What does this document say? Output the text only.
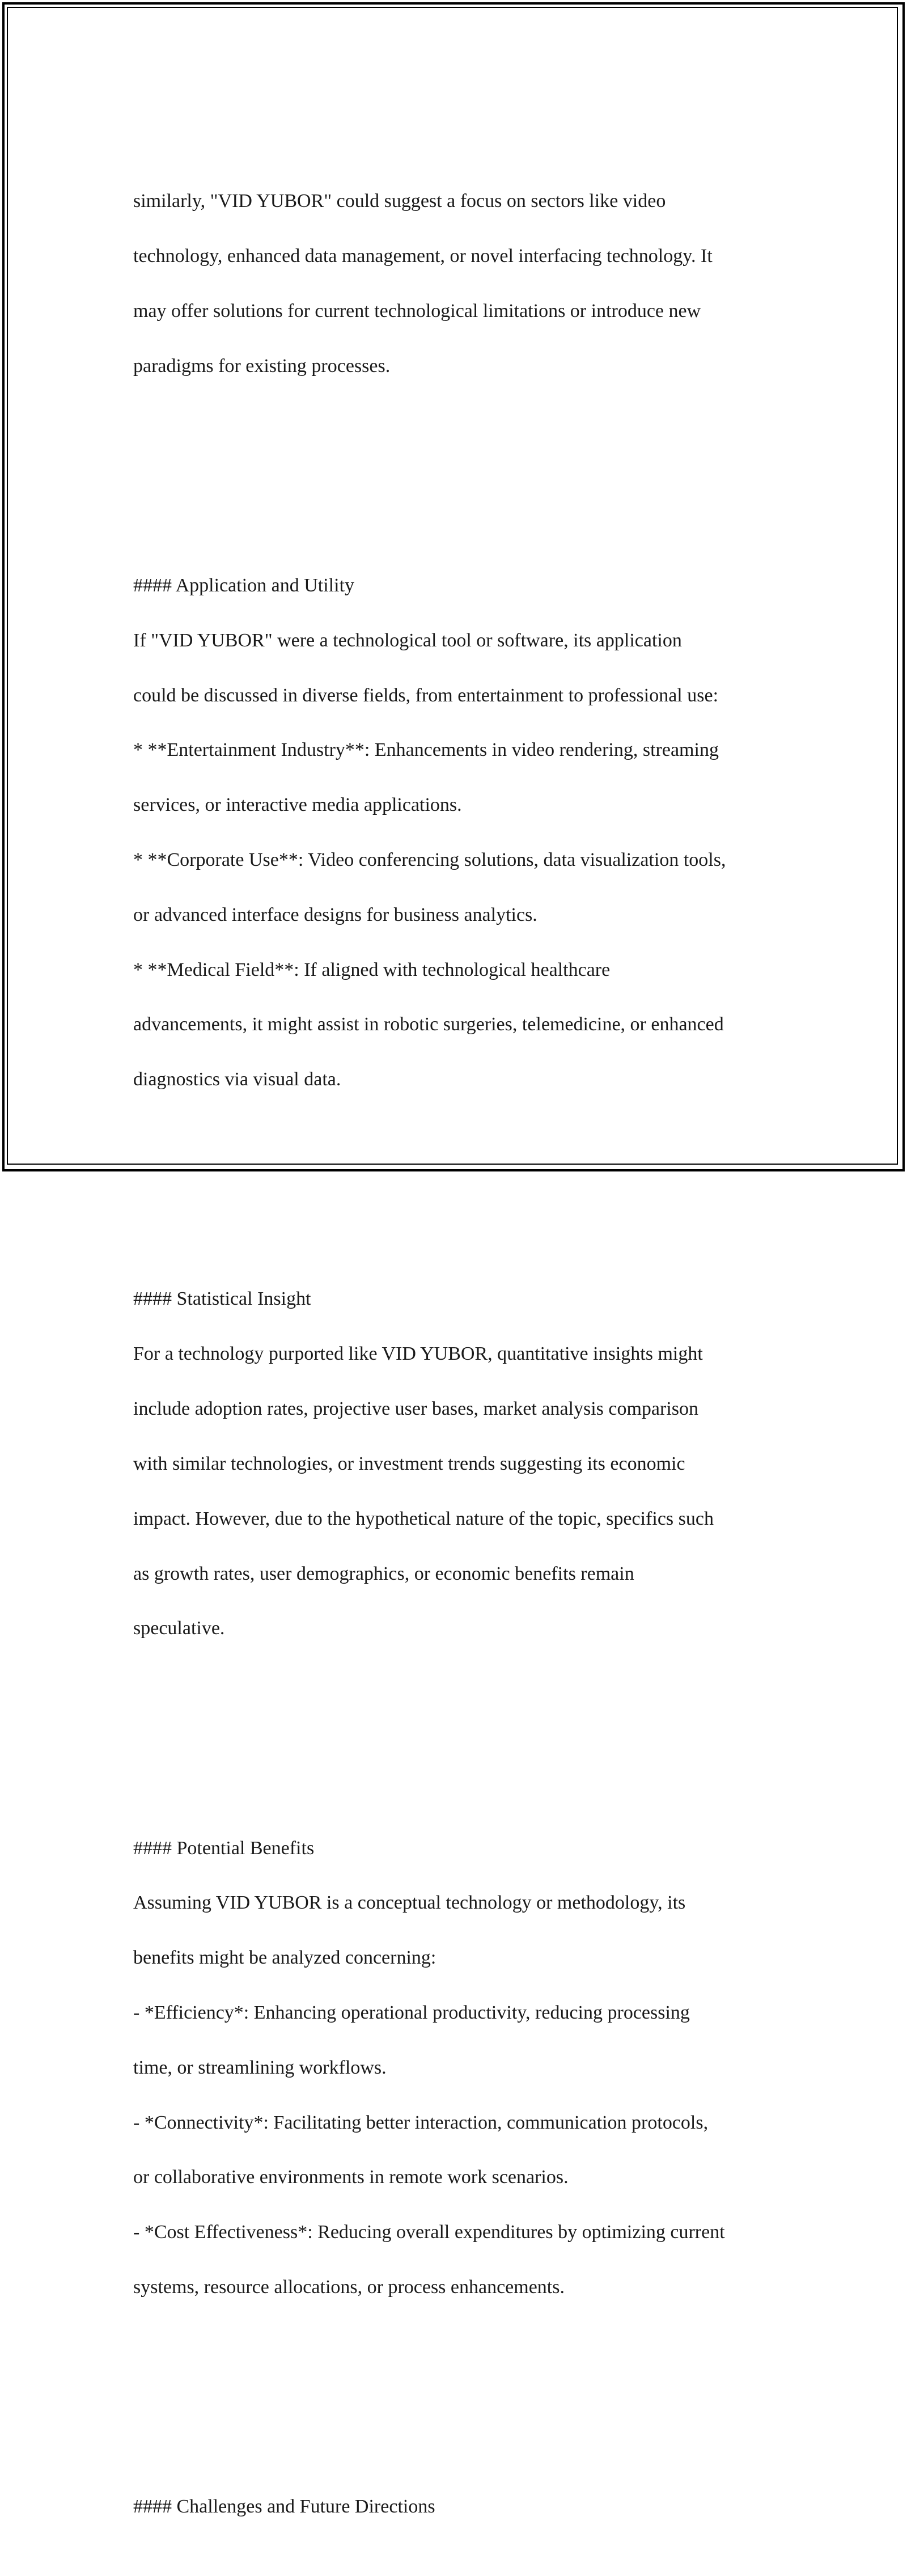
similarly, "VID YUBOR" could suggest a focus on sectors like video

technology, enhanced data management, or novel interfacing technology. It

may offer solutions for current technological limitations or introduce new

paradigms for existing processes.

#### Application and Utility

If "VID YUBOR" were a technological tool or software, its application

could be discussed in diverse fields, from entertainment to professional use:

* **Entertainment Industry**: Enhancements in video rendering, streaming

services, or interactive media applications.

* **Corporate Use**: Video conferencing solutions, data visualization tools,

or advanced interface designs for business analytics.

* **Medical Field**: If aligned with technological healthcare

advancements, it might assist in robotic surgeries, telemedicine, or enhanced

diagnostics via visual data.

#### Statistical Insight

For a technology purported like VID YUBOR, quantitative insights might

include adoption rates, projective user bases, market analysis comparison

with similar technologies, or investment trends suggesting its economic

impact. However, due to the hypothetical nature of the topic, specifics such

as growth rates, user demographics, or economic benefits remain

speculative.

#### Potential Benefits

Assuming VID YUBOR is a conceptual technology or methodology, its

benefits might be analyzed concerning:

- *Efficiency*: Enhancing operational productivity, reducing processing

time, or streamlining workflows.

- *Connectivity*: Facilitating better interaction, communication protocols,

or collaborative environments in remote work scenarios.

- *Cost Effectiveness*: Reducing overall expenditures by optimizing current

systems, resource allocations, or process enhancements.

#### Challenges and Future Directions
